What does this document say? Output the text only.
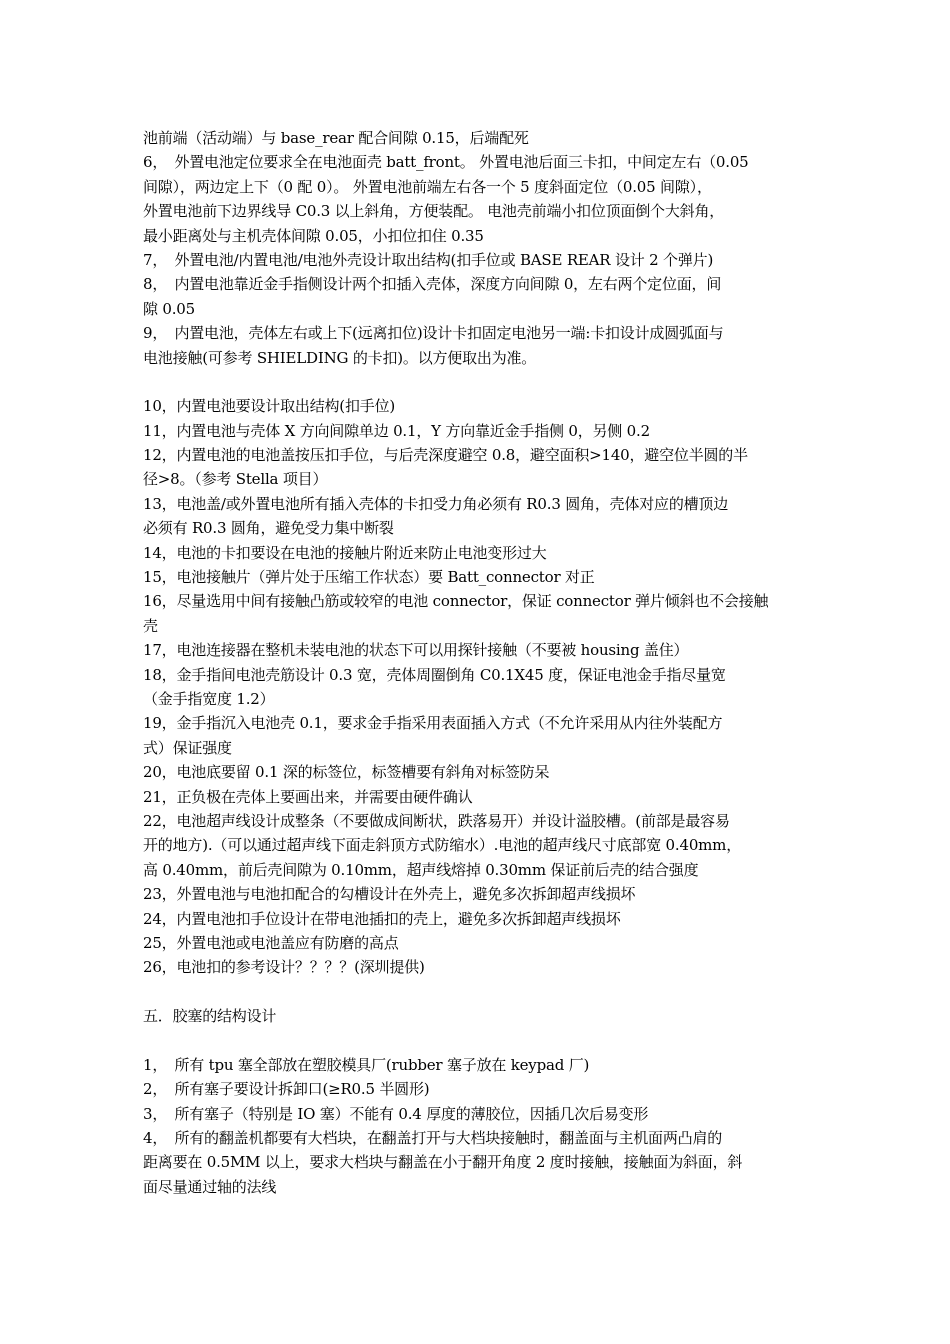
池前端（活动端）与 base_rear 配合间隙 0.15，后端配死
6，　外置电池定位要求全在电池面壳 batt_front。 外置电池后面三卡扣，中间定左右（0.05
间隙），两边定上下（0 配 0）。 外置电池前端左右各一个 5 度斜面定位（0.05 间隙），
外置电池前下边界线导 C0.3 以上斜角，方便装配。 电池壳前端小扣位顶面倒个大斜角，
最小距离处与主机壳体间隙 0.05，小扣位扣住 0.35
7，　外置电池/内置电池/电池外壳设计取出结构(扣手位或 BASE REAR 设计 2 个弹片)
8，　内置电池靠近金手指侧设计两个扣插入壳体，深度方向间隙 0，左右两个定位面，间
隙 0.05
9，　内置电池，壳体左右或上下(远离扣位)设计卡扣固定电池另一端:卡扣设计成圆弧面与
电池接触(可参考 SHIELDING 的卡扣)。以方便取出为准。
10，内置电池要设计取出结构(扣手位)
11，内置电池与壳体 X 方向间隙单边 0.1，Y 方向靠近金手指侧 0，另侧 0.2
12，内置电池的电池盖按压扣手位，与后壳深度避空 0.8，避空面积>140，避空位半圆的半
径>8。（参考 Stella 项目）
13，电池盖/或外置电池所有插入壳体的卡扣受力角必须有 R0.3 圆角，壳体对应的槽顶边
必须有 R0.3 圆角，避免受力集中断裂
14，电池的卡扣要设在电池的接触片附近来防止电池变形过大
15，电池接触片（弹片处于压缩工作状态）要 Batt_connector 对正
16，尽量选用中间有接触凸筋或较窄的电池 connector，保证 connector 弹片倾斜也不会接触
壳
17，电池连接器在整机未装电池的状态下可以用探针接触（不要被 housing 盖住）
18，金手指间电池壳筋设计 0.3 宽，壳体周圈倒角 C0.1X45 度，保证电池金手指尽量宽
（金手指宽度 1.2）
19，金手指沉入电池壳 0.1，要求金手指采用表面插入方式（不允许采用从内往外装配方
式）保证强度
20，电池底要留 0.1 深的标签位，标签槽要有斜角对标签防呆
21，正负极在壳体上要画出来，并需要由硬件确认
22，电池超声线设计成整条（不要做成间断状，跌落易开）并设计溢胶槽。(前部是最容易
开的地方).（可以通过超声线下面走斜顶方式防缩水）.电池的超声线尺寸底部宽 0.40mm，
高 0.40mm，前后壳间隙为 0.10mm，超声线熔掉 0.30mm 保证前后壳的结合强度
23，外置电池与电池扣配合的勾槽设计在外壳上，避免多次拆卸超声线损坏
24，内置电池扣手位设计在带电池插扣的壳上，避免多次拆卸超声线损坏
25，外置电池或电池盖应有防磨的高点
26，电池扣的参考设计？？？？(深圳提供)
五．胶塞的结构设计
1，　所有 tpu 塞全部放在塑胶模具厂(rubber 塞子放在 keypad 厂)
2，　所有塞子要设计拆卸口(≥R0.5 半圆形)
3，　所有塞子（特别是 IO 塞）不能有 0.4 厚度的薄胶位，因插几次后易变形
4，　所有的翻盖机都要有大档块，在翻盖打开与大档块接触时，翻盖面与主机面两凸肩的
距离要在 0.5MM 以上，要求大档块与翻盖在小于翻开角度 2 度时接触，接触面为斜面，斜
面尽量通过轴的法线
